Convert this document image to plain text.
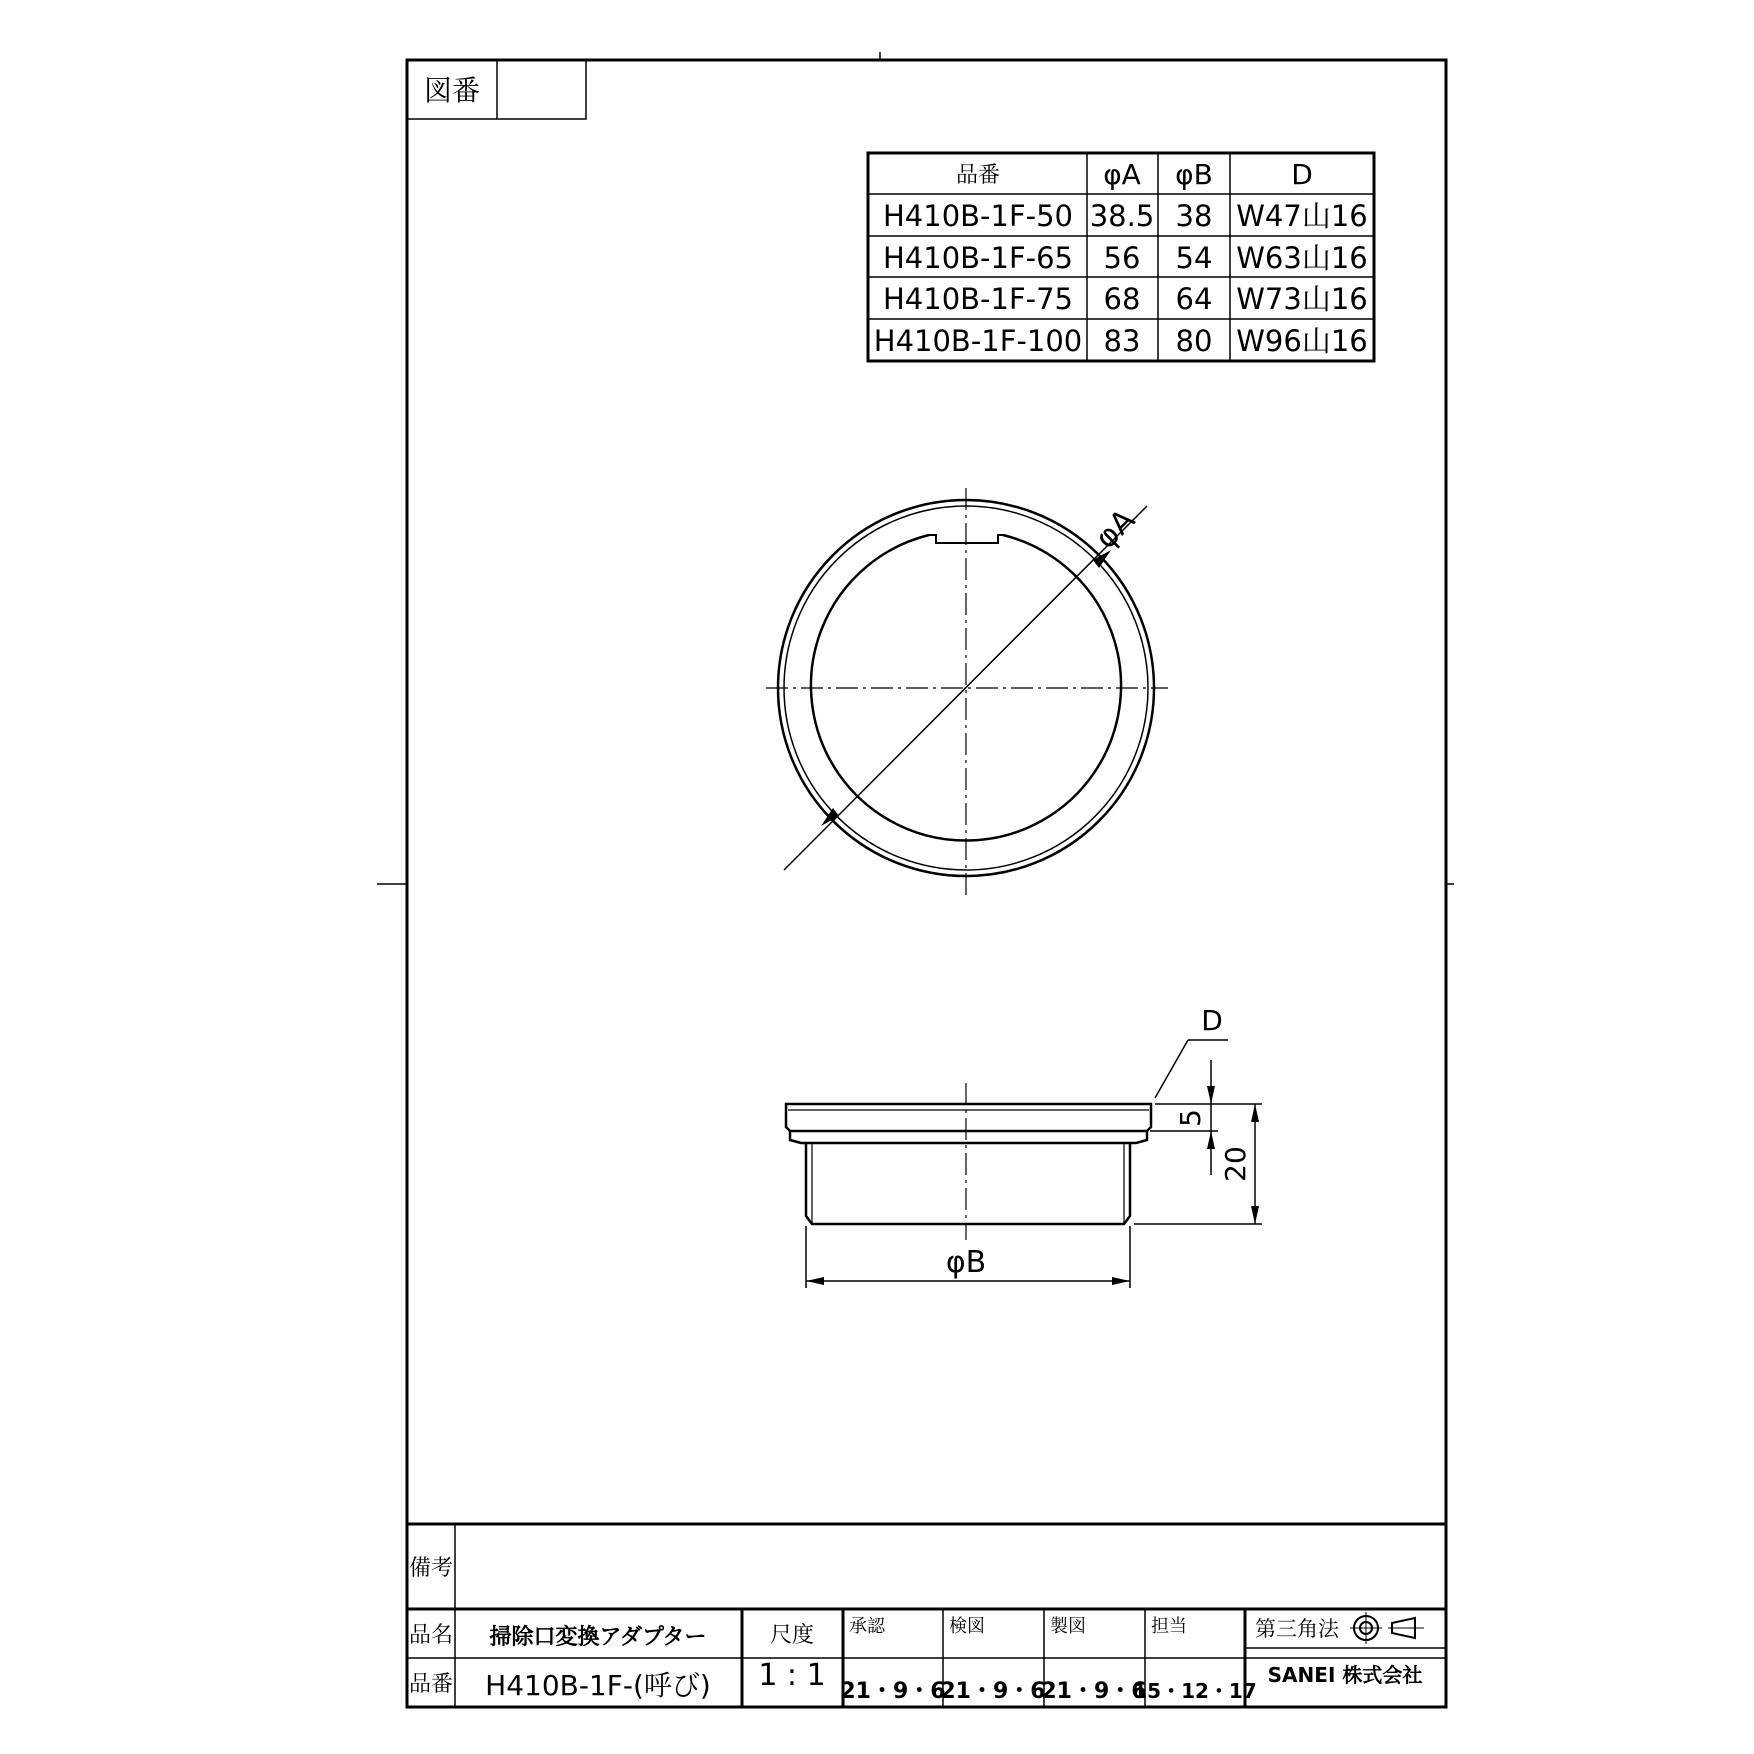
図番
品番	φA φB	D
H410B-1F-50 38.5 38 W47山16
H410B-1F-65 56 54 W63山16
H410B-1F-75 68 64 W73山16
H410B-1F-100 83 80 W96山16
φA
D
5
20
φB
備考
品名 掃除口変換アダプター
品番 H410B-1F-(呼び)
尺度
1 : 1
承認
21・9・6
検図
21・9・6
製図
21・9・6
担当
15・12・17
第三角法
SANEI 株式会社
